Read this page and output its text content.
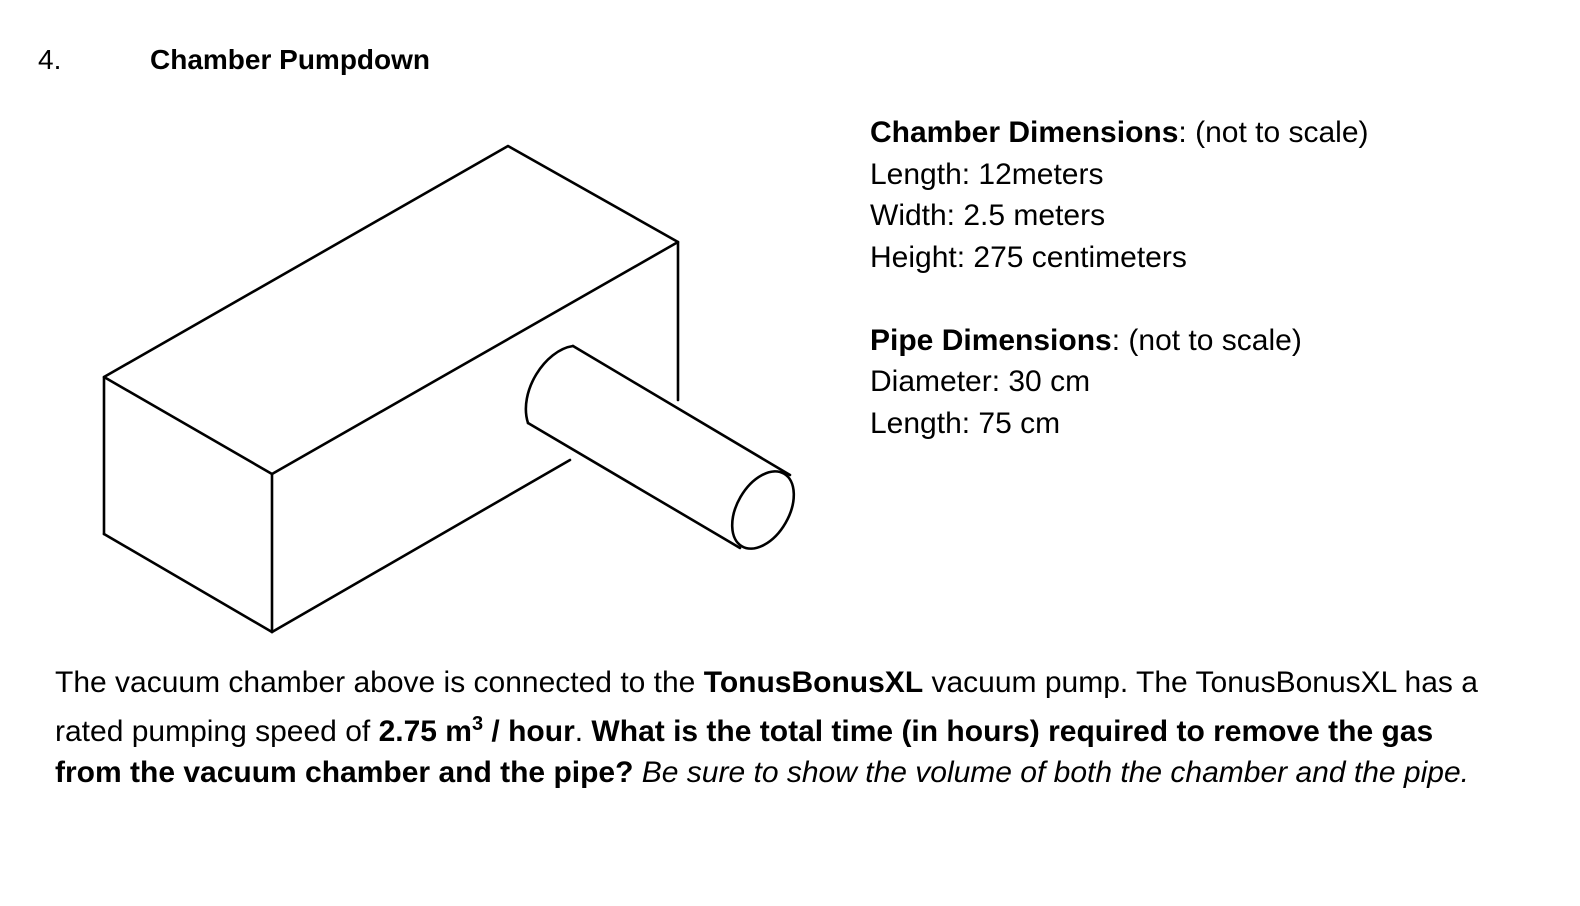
4.	Chamber Pumpdown
Chamber Dimensions: (not to scale)
Length: 12meters
Width: 2.5 meters
Height: 275 centimeters
Pipe Dimensions: (not to scale)
Diameter: 30 cm
Length: 75 cm
The vacuum chamber above is connected to the TonusBonusXL vacuum pump. The TonusBonusXL has a rated pumping speed of 2.75 $m^3$ / hour. What is the total time (in hours) required to remove the gas from the vacuum chamber and the pipe? Be sure to show the volume of both the chamber and the pipe.
